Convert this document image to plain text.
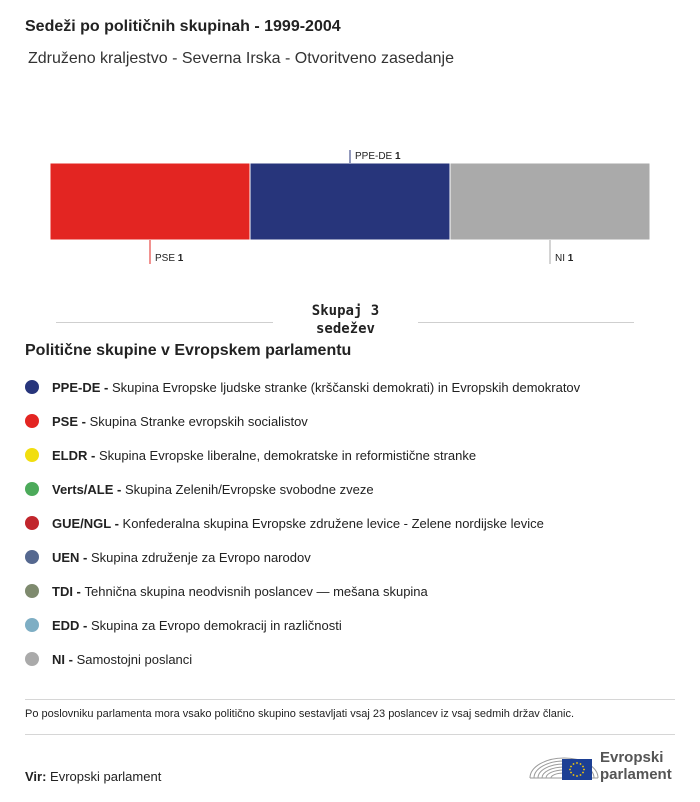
Sedeži po političnih skupinah - 1999-2004
Združeno kraljestvo - Severna Irska - Otvoritveno zasedanje
PSE 1
PPE-DE 1
NI 1
Skupaj 3
sedežev
Politične skupine v Evropskem parlamentu
PPE-DE - Skupina Evropske ljudske stranke (krščanski demokrati) in Evropskih demokratov
PSE - Skupina Stranke evropskih socialistov
ELDR - Skupina Evropske liberalne, demokratske in reformistične stranke
Verts/ALE - Skupina Zelenih/Evropske svobodne zveze
GUE/NGL - Konfederalna skupina Evropske združene levice - Zelene nordijske levice
UEN - Skupina združenje za Evropo narodov
TDI - Tehnična skupina neodvisnih poslancev — mešana skupina
EDD - Skupina za Evropo demokracij in različnosti
NI - Samostojni poslanci
Po poslovniku parlamenta mora vsako politično skupino sestavljati vsaj 23 poslancev iz vsaj sedmih držav članic.
Vir: Evropski parlament
Evropski
parlament
